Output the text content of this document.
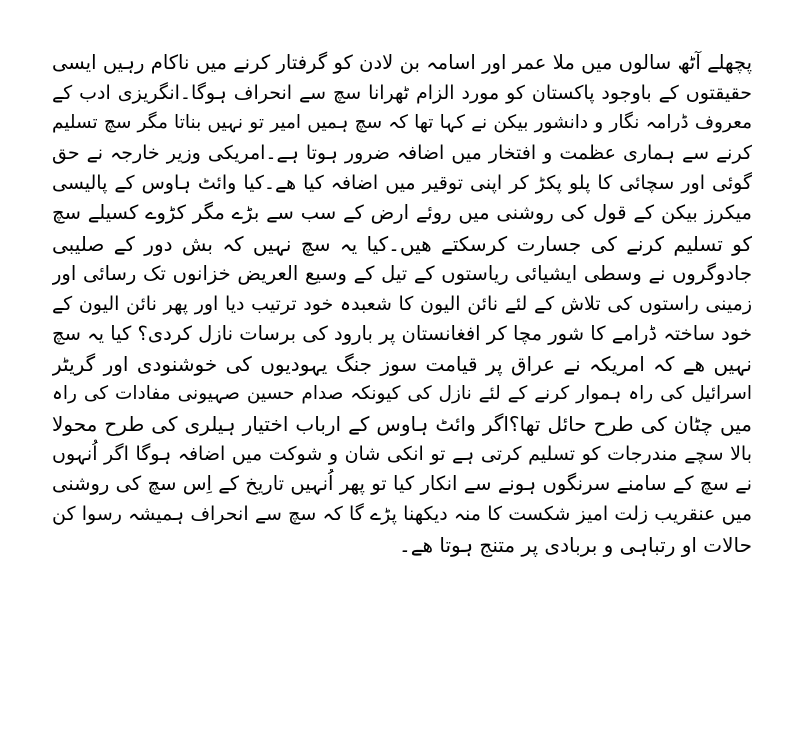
پچھلے آٹھ سالوں میں ملا عمر اور اسامہ بن لادن کو گرفتار کرنے میں ناکام رہیں ایسی
حقیقتوں کے باوجود پاکستان کو مورد الزام ٹھرانا سچ سے انحراف ہوگا۔انگریزی ادب کے
معروف ڈرامہ نگار و دانشور بیکن نے کہا تھا کہ سچ ہمیں امیر تو نہیں بناتا مگر سچ تسلیم
کرنے سے ہماری عظمت و افتخار میں اضافہ ضرور ہوتا ہے۔امریکی وزیر خارجہ نے حق
گوئی اور سچائی کا پلو پکڑ کر اپنی توقیر میں اضافہ کیا ھے۔کیا وائٹ ہاوس کے پالیسی
میکرز بیکن کے قول کی روشنی میں روئے ارض کے سب سے بڑے مگر کڑوے کسیلے سچ
کو تسلیم کرنے کی جسارت کرسکتے ھیں۔کیا یہ سچ نہیں کہ بش دور کے صلیبی
جادوگروں نے وسطی ایشیائی ریاستوں کے تیل کے وسیع العریض خزانوں تک رسائی اور
زمینی راستوں کی تلاش کے لئے نائن الیون کا شعبدہ خود ترتیب دیا اور پھر نائن الیون کے
خود ساختہ ڈرامے کا شور مچا کر افغانستان پر بارود کی برسات نازل کردی؟ کیا یہ سچ
نہیں ھے کہ امریکہ نے عراق پر قیامت سوز جنگ یہودیوں کی خوشنودی اور گریٹر
اسرائیل کی راہ ہموار کرنے کے لئے نازل کی کیونکہ صدام حسین صہیونی مفادات کی راہ
میں چٹان کی طرح حائل تھا؟اگر وائٹ ہاوس کے ارباب اختیار ہیلری کی طرح محولا
بالا سچے مندرجات کو تسلیم کرتی ہے تو انکی شان و شوکت میں اضافہ ہوگا اگر اُنہوں
نے سچ کے سامنے سرنگوں ہونے سے انکار کیا تو پھر اُنہیں تاریخ کے اِس سچ کی روشنی
میں عنقریب زلت امیز شکست کا منہ دیکھنا پڑے گا کہ سچ سے انحراف ہمیشہ رسوا کن
حالات او رتباہی و بربادی پر متنج ہوتا ھے۔
